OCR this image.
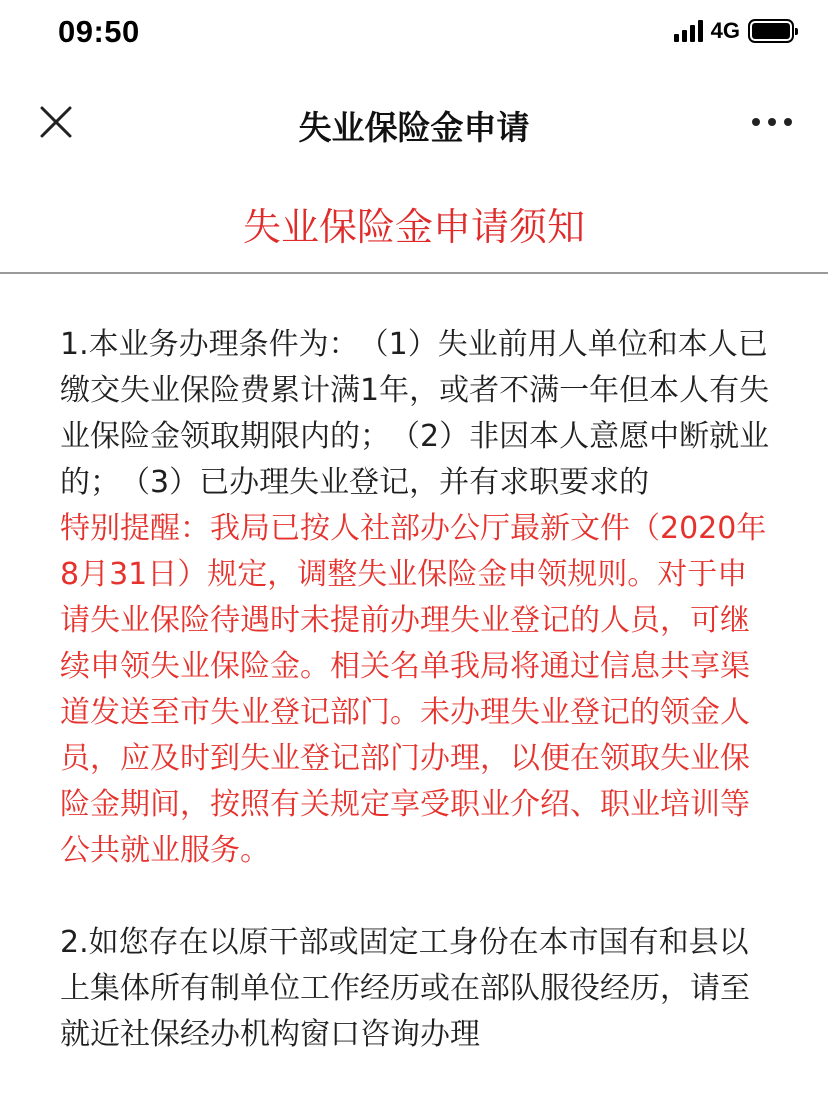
09:50	4G
失业保险金申请
失业保险金申请须知
1.本业务办理条件为：　（1）失业前用人单位和本人已缴交失业保险费累计满1年，或者不满一年但本人有失业保险金领取期限内的；　（2）非因本人意愿中断就业的；　（3）已办理失业登记，并有求职要求的
特别提醒：我局已按人社部办公厅最新文件（2020年8月31日）规定，调整失业保险金申领规则。对于申请失业保险待遇时未提前办理失业登记的人员，可继续申领失业保险金。相关名单我局将通过信息共享渠道发送至市失业登记部门。未办理失业登记的领金人员，应及时到失业登记部门办理，以便在领取失业保险金期间，按照有关规定享受职业介绍、职业培训等公共就业服务。
2.如您存在以原干部或固定工身份在本市国有和县以上集体所有制单位工作经历或在部队服役经历，请至就近社保经办机构窗口咨询办理
